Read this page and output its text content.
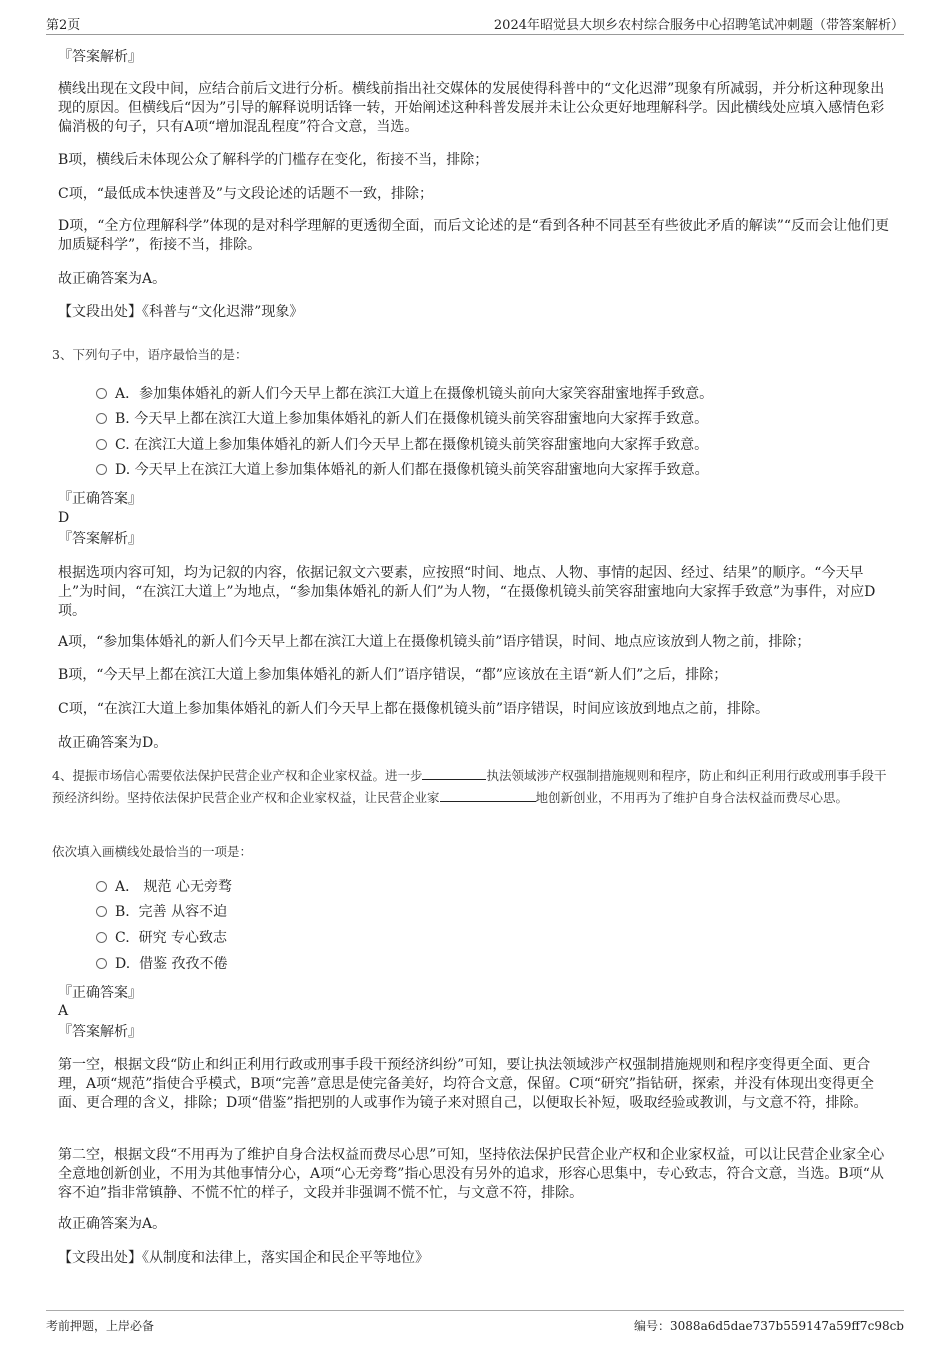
第2页	2024年昭觉县大坝乡农村综合服务中心招聘笔试冲刺题（带答案解析）
『答案解析』
横线出现在文段中间，应结合前后文进行分析。横线前指出社交媒体的发展使得科普中的“文化迟滞”现象有所减弱，并分析这种现象出现的原因。但横线后“因为”引导的解释说明话锋一转，开始阐述这种科普发展并未让公众更好地理解科学。因此横线处应填入感情色彩偏消极的句子，只有A项“增加混乱程度”符合文意，当选。
B项，横线后未体现公众了解科学的门槛存在变化，衔接不当，排除；
C项，“最低成本快速普及”与文段论述的话题不一致，排除；
D项，“全方位理解科学”体现的是对科学理解的更透彻全面，而后文论述的是“看到各种不同甚至有些彼此矛盾的解读”“反而会让他们更加质疑科学”，衔接不当，排除。
故正确答案为A。
【文段出处】《科普与“文化迟滞”现象》
3、下列句子中，语序最恰当的是：
A．参加集体婚礼的新人们今天早上都在滨江大道上在摄像机镜头前向大家笑容甜蜜地挥手致意。
B. 今天早上都在滨江大道上参加集体婚礼的新人们在摄像机镜头前笑容甜蜜地向大家挥手致意。
C. 在滨江大道上参加集体婚礼的新人们今天早上都在摄像机镜头前笑容甜蜜地向大家挥手致意。
D. 今天早上在滨江大道上参加集体婚礼的新人们都在摄像机镜头前笑容甜蜜地向大家挥手致意。
『正确答案』
D
『答案解析』
根据选项内容可知，均为记叙的内容，依据记叙文六要素，应按照“时间、地点、人物、事情的起因、经过、结果”的顺序。“今天早上”为时间，“在滨江大道上”为地点，“参加集体婚礼的新人们”为人物，“在摄像机镜头前笑容甜蜜地向大家挥手致意”为事件，对应D项。
A项，“参加集体婚礼的新人们今天早上都在滨江大道上在摄像机镜头前”语序错误，时间、地点应该放到人物之前，排除；
B项，“今天早上都在滨江大道上参加集体婚礼的新人们”语序错误，“都”应该放在主语“新人们”之后，排除；
C项，“在滨江大道上参加集体婚礼的新人们今天早上都在摄像机镜头前”语序错误，时间应该放到地点之前，排除。
故正确答案为D。
4、提振市场信心需要依法保护民营企业产权和企业家权益。进一步	执法领域涉产权强制措施规则和程序，防止和纠正利用行政或刑事手段干预经济纠纷。坚持依法保护民营企业产权和企业家权益，让民营企业家	地创新创业，不用再为了维护自身合法权益而费尽心思。
依次填入画横线处最恰当的一项是：
A． 规范 心无旁骛
B.  完善 从容不迫
C.  研究 专心致志
D.  借鉴 孜孜不倦
『正确答案』
A
『答案解析』
第一空，根据文段“防止和纠正利用行政或刑事手段干预经济纠纷”可知，要让执法领域涉产权强制措施规则和程序变得更全面、更合理，A项“规范”指使合乎模式，B项“完善”意思是使完备美好，均符合文意，保留。C项“研究”指钻研，探索，并没有体现出变得更全面、更合理的含义，排除；D项“借鉴”指把别的人或事作为镜子来对照自己，以便取长补短，吸取经验或教训，与文意不符，排除。
第二空，根据文段“不用再为了维护自身合法权益而费尽心思”可知，坚持依法保护民营企业产权和企业家权益，可以让民营企业家全心全意地创新创业，不用为其他事情分心，A项“心无旁骛”指心思没有另外的追求，形容心思集中，专心致志，符合文意，当选。B项“从容不迫”指非常镇静、不慌不忙的样子，文段并非强调不慌不忙，与文意不符，排除。
故正确答案为A。
【文段出处】《从制度和法律上，落实国企和民企平等地位》
考前押题，上岸必备	编号：3088a6d5dae737b559147a59ff7c98cb
